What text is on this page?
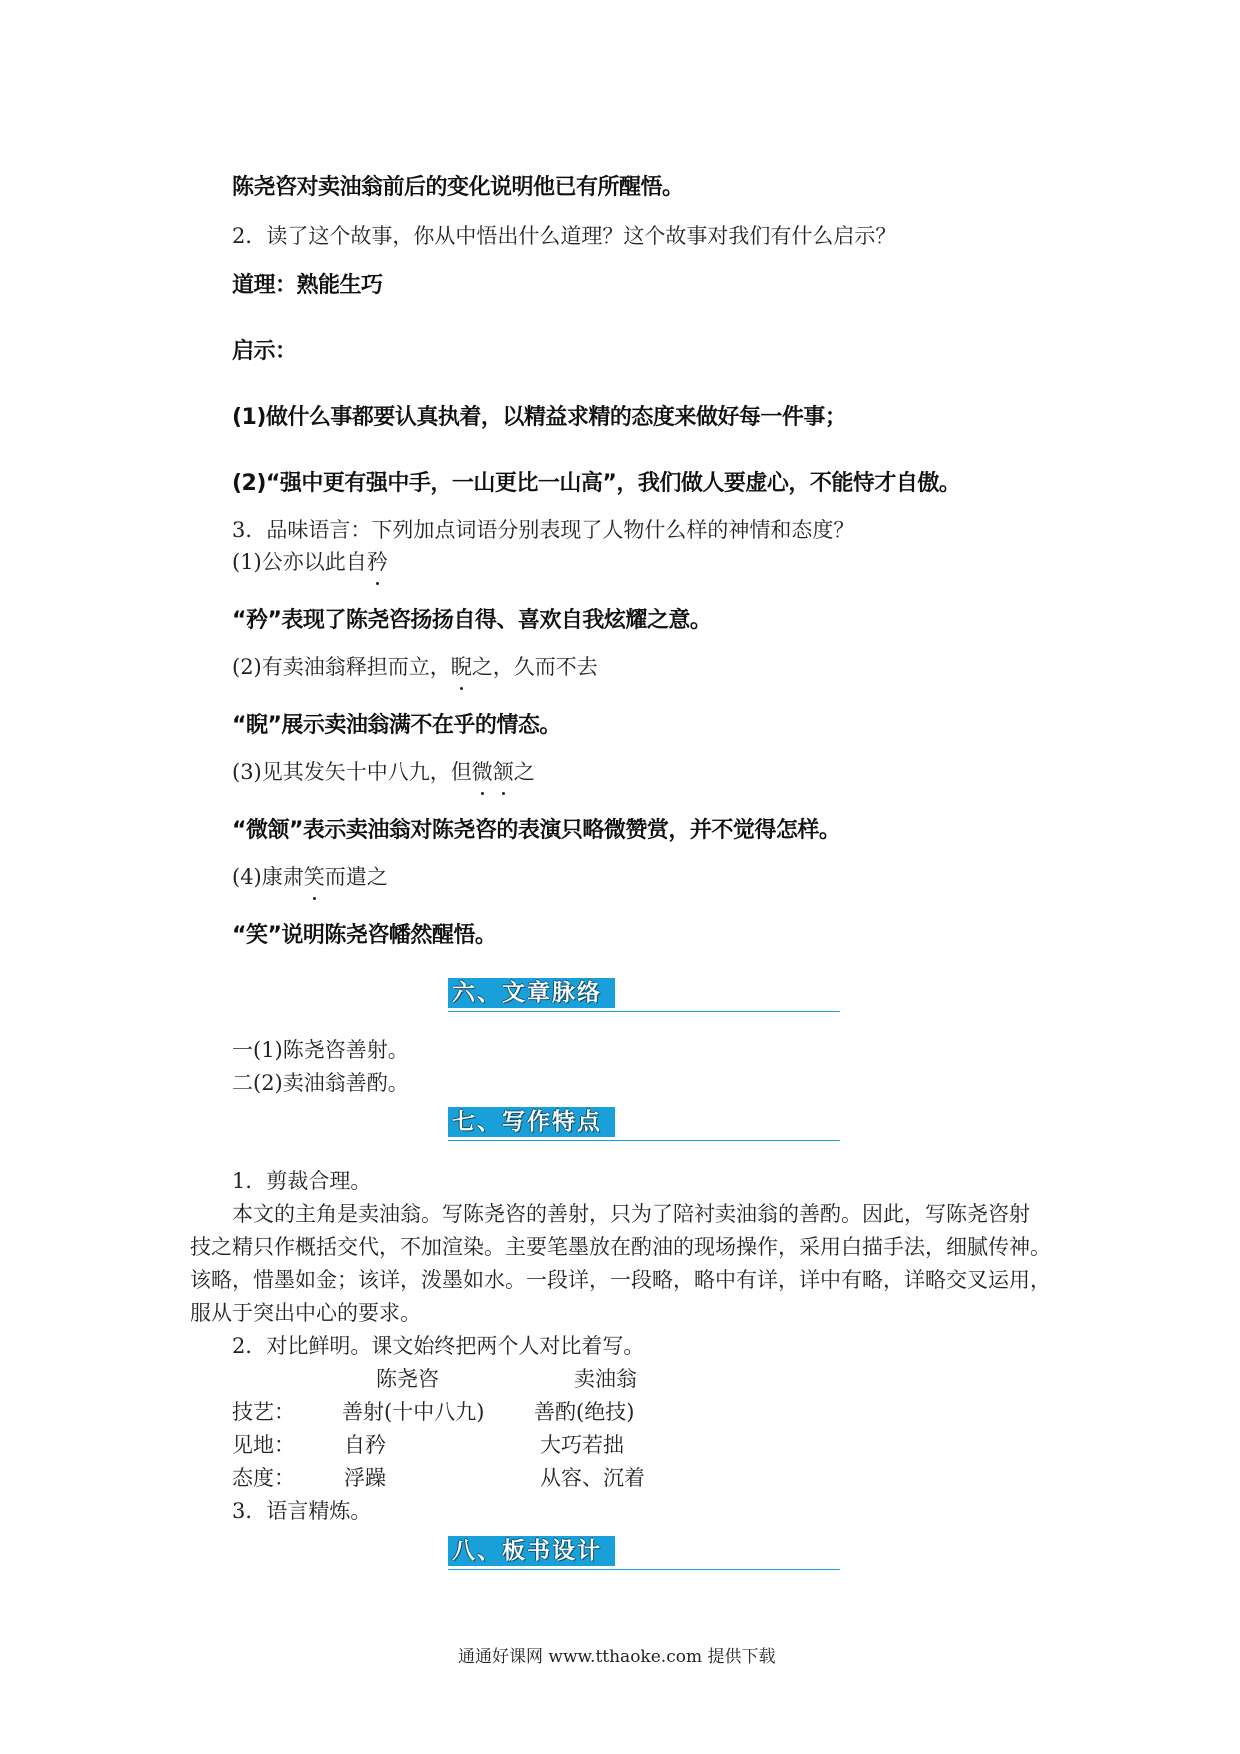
陈尧咨对卖油翁前后的变化说明他已有所醒悟。
2．读了这个故事，你从中悟出什么道理？这个故事对我们有什么启示？
道理：熟能生巧
启示：
(1)做什么事都要认真执着，以精益求精的态度来做好每一件事；
(2)“强中更有强中手，一山更比一山高”，我们做人要虚心，不能恃才自傲。
3．品味语言：下列加点词语分别表现了人物什么样的神情和态度？
(1)公亦以此自矜
“矜”表现了陈尧咨扬扬自得、喜欢自我炫耀之意。
(2)有卖油翁释担而立，睨之，久而不去
“睨”展示卖油翁满不在乎的情态。
(3)见其发矢十中八九，但微颔之
“微颔”表示卖油翁对陈尧咨的表演只略微赞赏，并不觉得怎样。
(4)康肃笑而遣之
“笑”说明陈尧咨幡然醒悟。
六、文章脉络
一(1)陈尧咨善射。
二(2)卖油翁善酌。
七、写作特点
1．剪裁合理。
本文的主角是卖油翁。写陈尧咨的善射，只为了陪衬卖油翁的善酌。因此，写陈尧咨射
技之精只作概括交代，不加渲染。主要笔墨放在酌油的现场操作，采用白描手法，细腻传神。
该略，惜墨如金；该详，泼墨如水。一段详，一段略，略中有详，详中有略，详略交叉运用，
服从于突出中心的要求。
2．对比鲜明。课文始终把两个人对比着写。
陈尧咨	卖油翁
技艺： 善射(十中八九) 善酌(绝技)
见地： 自矜	大巧若拙
态度： 浮躁	从容、沉着
3．语言精炼。
八、板书设计
通通好课网 www.tthaoke.com 提供下载
